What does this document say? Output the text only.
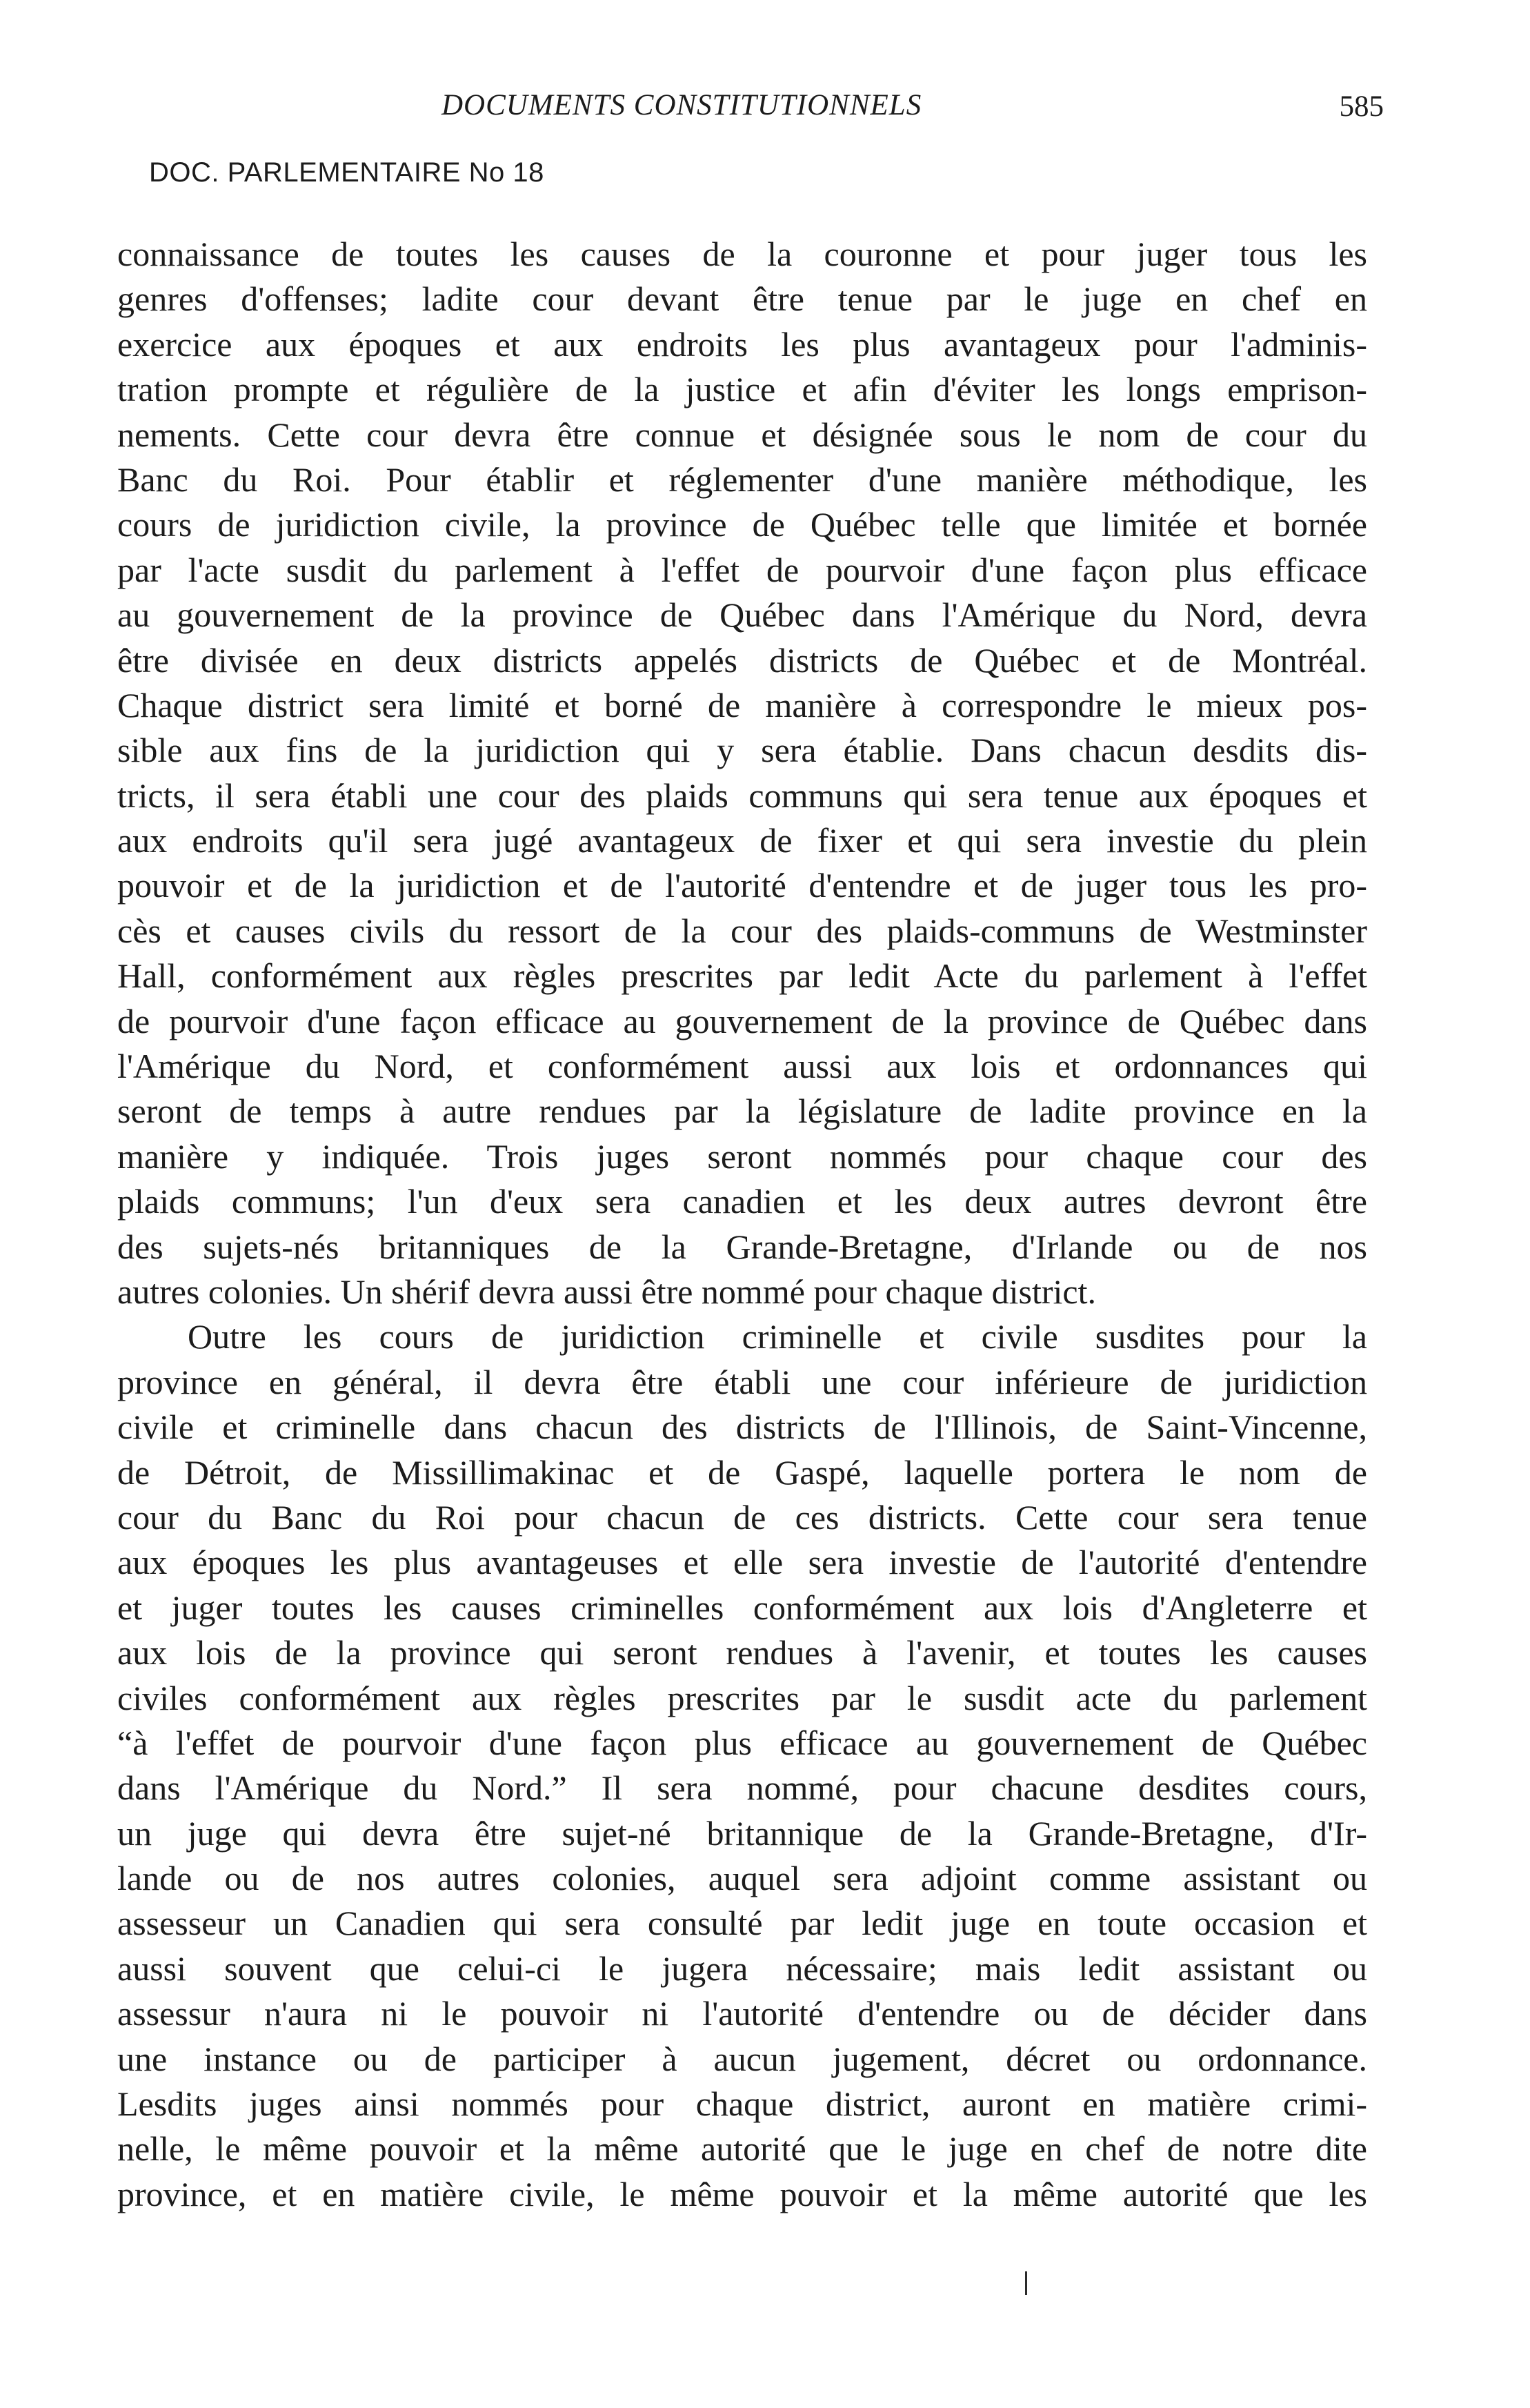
DOCUMENTS CONSTITUTIONNELS	585
DOC. PARLEMENTAIRE No 18
connaissance de toutes les causes de la couronne et pour juger tous les
genres d'offenses; ladite cour devant être tenue par le juge en chef en
exercice aux époques et aux endroits les plus avantageux pour l'adminis-
tration prompte et régulière de la justice et afin d'éviter les longs emprison-
nements. Cette cour devra être connue et désignée sous le nom de cour du
Banc du Roi. Pour établir et réglementer d'une manière méthodique, les
cours de juridiction civile, la province de Québec telle que limitée et bornée
par l'acte susdit du parlement à l'effet de pourvoir d'une façon plus efficace
au gouvernement de la province de Québec dans l'Amérique du Nord, devra
être divisée en deux districts appelés districts de Québec et de Montréal.
Chaque district sera limité et borné de manière à correspondre le mieux pos-
sible aux fins de la juridiction qui y sera établie. Dans chacun desdits dis-
tricts, il sera établi une cour des plaids communs qui sera tenue aux époques et
aux endroits qu'il sera jugé avantageux de fixer et qui sera investie du plein
pouvoir et de la juridiction et de l'autorité d'entendre et de juger tous les pro-
cès et causes civils du ressort de la cour des plaids-communs de Westminster
Hall, conformément aux règles prescrites par ledit Acte du parlement à l'effet
de pourvoir d'une façon efficace au gouvernement de la province de Québec dans
l'Amérique du Nord, et conformément aussi aux lois et ordonnances qui
seront de temps à autre rendues par la législature de ladite province en la
manière y indiquée. Trois juges seront nommés pour chaque cour des
plaids communs; l'un d'eux sera canadien et les deux autres devront être
des sujets-nés britanniques de la Grande-Bretagne, d'Irlande ou de nos
autres colonies. Un shérif devra aussi être nommé pour chaque district.
Outre les cours de juridiction criminelle et civile susdites pour la
province en général, il devra être établi une cour inférieure de juridiction
civile et criminelle dans chacun des districts de l'Illinois, de Saint-Vincenne,
de Détroit, de Missillimakinac et de Gaspé, laquelle portera le nom de
cour du Banc du Roi pour chacun de ces districts. Cette cour sera tenue
aux époques les plus avantageuses et elle sera investie de l'autorité d'entendre
et juger toutes les causes criminelles conformément aux lois d'Angleterre et
aux lois de la province qui seront rendues à l'avenir, et toutes les causes
civiles conformément aux règles prescrites par le susdit acte du parlement
“à l'effet de pourvoir d'une façon plus efficace au gouvernement de Québec
dans l'Amérique du Nord.” Il sera nommé, pour chacune desdites cours,
un juge qui devra être sujet-né britannique de la Grande-Bretagne, d'Ir-
lande ou de nos autres colonies, auquel sera adjoint comme assistant ou
assesseur un Canadien qui sera consulté par ledit juge en toute occasion et
aussi souvent que celui-ci le jugera nécessaire; mais ledit assistant ou
assessur n'aura ni le pouvoir ni l'autorité d'entendre ou de décider dans
une instance ou de participer à aucun jugement, décret ou ordonnance.
Lesdits juges ainsi nommés pour chaque district, auront en matière crimi-
nelle, le même pouvoir et la même autorité que le juge en chef de notre dite
province, et en matière civile, le même pouvoir et la même autorité que les
